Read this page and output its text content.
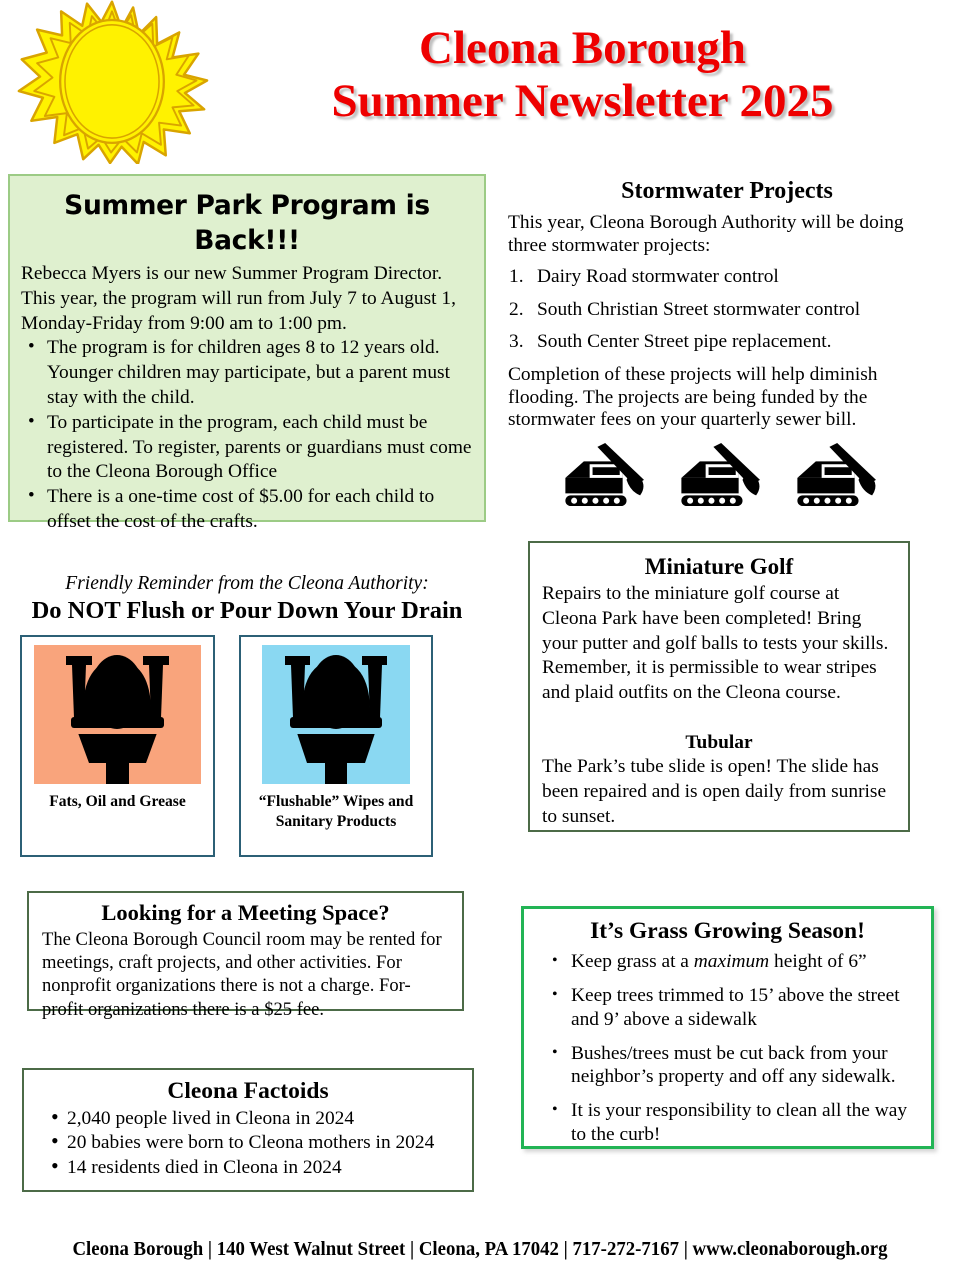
Cleona Borough
Summer Newsletter 2025
Summer Park Program is Back!!!

Rebecca Myers is our new Summer Program Director. This year, the program will run from July 7 to August 1, Monday-Friday from 9:00 am to 1:00 pm.

• The program is for children ages 8 to 12 years old. Younger children may participate, but a parent must stay with the child.
• To participate in the program, each child must be registered. To register, parents or guardians must come to the Cleona Borough Office
• There is a one-time cost of $5.00 for each child to offset the cost of the crafts.
Stormwater Projects

This year, Cleona Borough Authority will be doing three stormwater projects:

1. Dairy Road stormwater control
2. South Christian Street stormwater control
3. South Center Street pipe replacement.

Completion of these projects will help diminish flooding. The projects are being funded by the stormwater fees on your quarterly sewer bill.

Friendly Reminder from the Cleona Authority:
Do NOT Flush or Pour Down Your Drain
Fats, Oil and Grease	“Flushable” Wipes and Sanitary Products
Miniature Golf

Repairs to the miniature golf course at Cleona Park have been completed! Bring your putter and golf balls to tests your skills. Remember, it is permissible to wear stripes and plaid outfits on the Cleona course.

Tubular

The Park’s tube slide is open! The slide has been repaired and is open daily from sunrise to sunset.

Looking for a Meeting Space?

The Cleona Borough Council room may be rented for meetings, craft projects, and other activities. For nonprofit organizations there is not a charge. For-profit organizations there is a $25 fee.

Cleona Factoids
• 2,040 people lived in Cleona in 2024
• 20 babies were born to Cleona mothers in 2024
• 14 residents died in Cleona in 2024
It’s Grass Growing Season!
• Keep grass at a maximum height of 6”
• Keep trees trimmed to 15’ above the street and 9’ above a sidewalk
• Bushes/trees must be cut back from your neighbor’s property and off any sidewalk.
• It is your responsibility to clean all the way to the curb!
Cleona Borough | 140 West Walnut Street | Cleona, PA 17042 | 717-272-7167 | www.cleonaborough.org
